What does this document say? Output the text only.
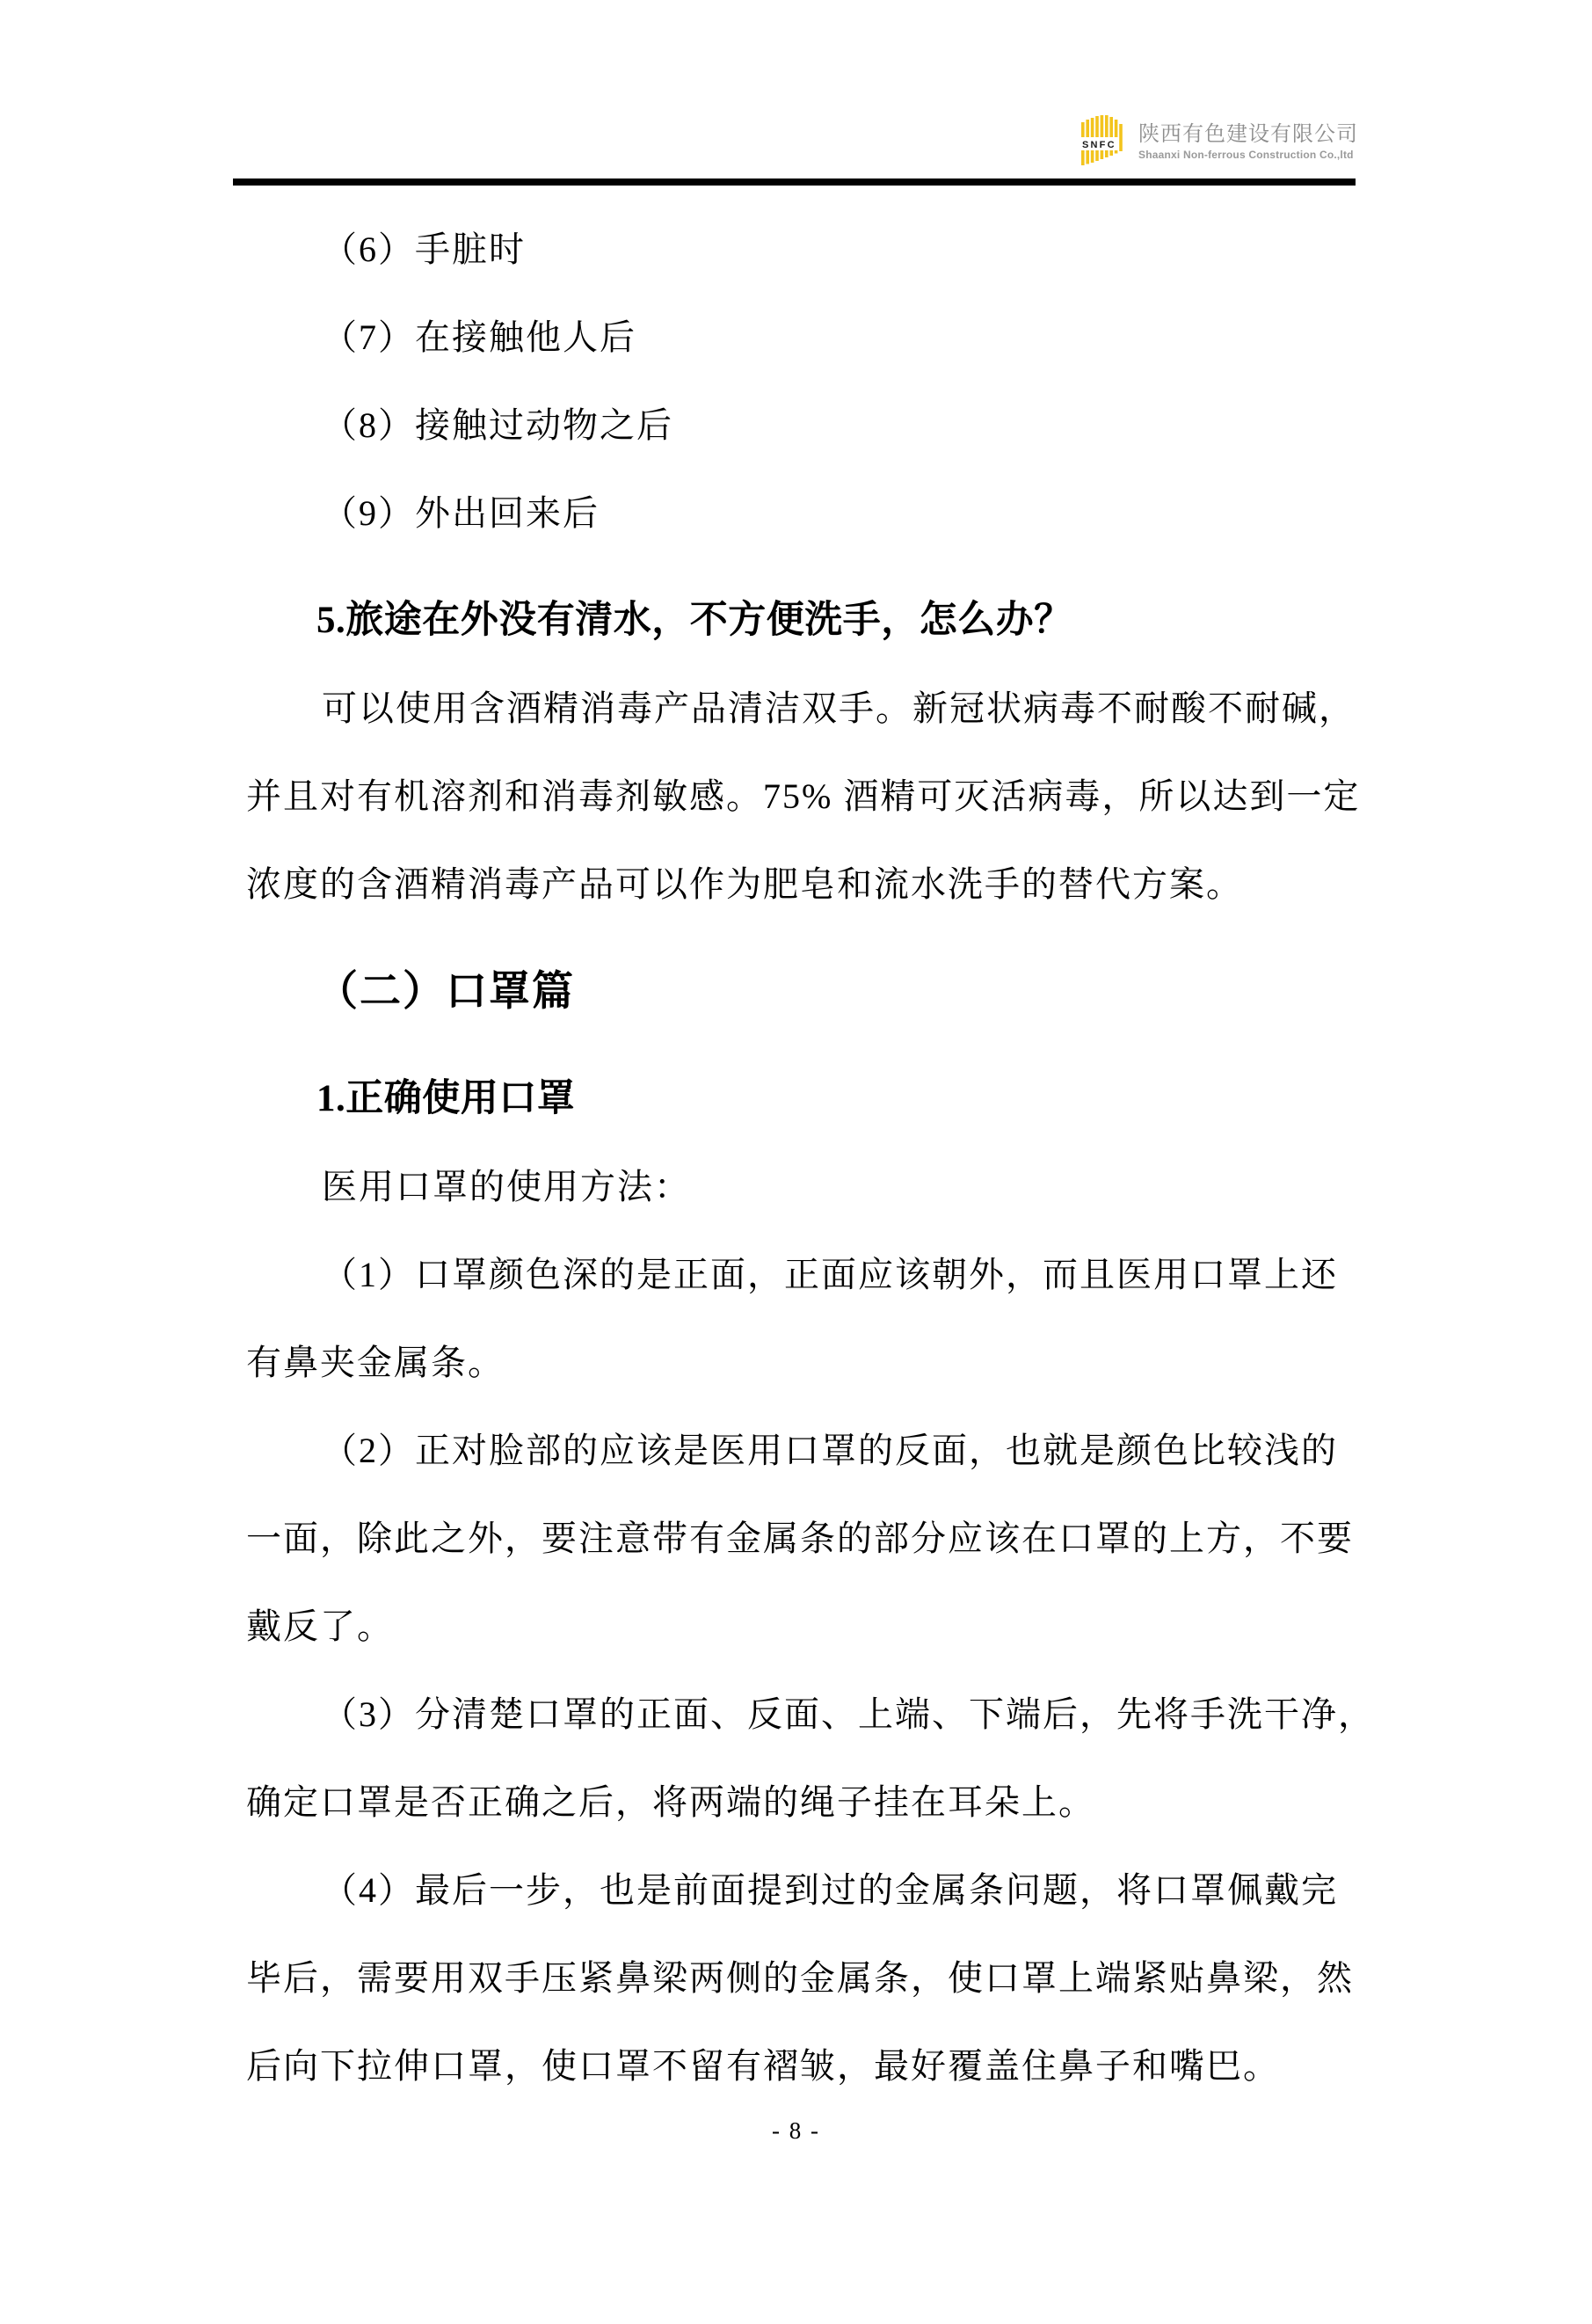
SNFC 陕西有色建设有限公司
Shaanxi Non-ferrous Construction Co.,ltd
（6）手脏时
（7）在接触他人后
（8）接触过动物之后
（9）外出回来后
5.旅途在外没有清水，不方便洗手，怎么办？
可以使用含酒精消毒产品清洁双手。新冠状病毒不耐酸不耐碱，
并且对有机溶剂和消毒剂敏感。75% 酒精可灭活病毒，所以达到一定
浓度的含酒精消毒产品可以作为肥皂和流水洗手的替代方案。
（二）口罩篇
1.正确使用口罩
医用口罩的使用方法：
（1）口罩颜色深的是正面，正面应该朝外，而且医用口罩上还
有鼻夹金属条。
（2）正对脸部的应该是医用口罩的反面，也就是颜色比较浅的
一面，除此之外，要注意带有金属条的部分应该在口罩的上方，不要
戴反了。
（3）分清楚口罩的正面、反面、上端、下端后，先将手洗干净，
确定口罩是否正确之后，将两端的绳子挂在耳朵上。
（4）最后一步，也是前面提到过的金属条问题，将口罩佩戴完
毕后，需要用双手压紧鼻梁两侧的金属条，使口罩上端紧贴鼻梁，然
后向下拉伸口罩，使口罩不留有褶皱，最好覆盖住鼻子和嘴巴。
- 8 -
